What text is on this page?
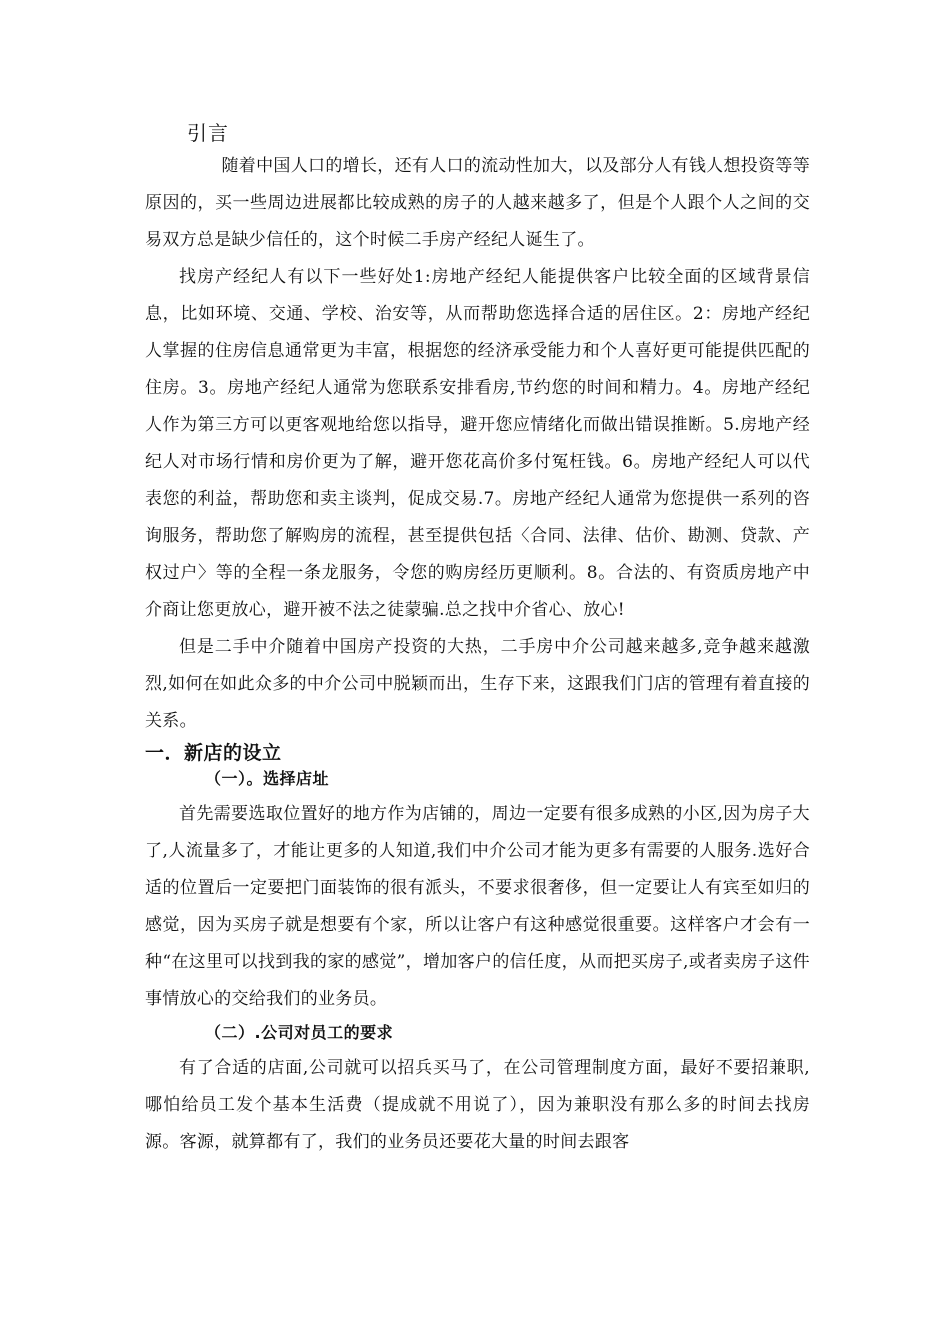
引言

随着中国人口的增长，还有人口的流动性加大，以及部分人有钱人想投资等等原因的，买一些周边进展都比较成熟的房子的人越来越多了，但是个人跟个人之间的交易双方总是缺少信任的，这个时候二手房产经纪人诞生了。

找房产经纪人有以下一些好处1:房地产经纪人能提供客户比较全面的区域背景信息，比如环境、交通、学校、治安等，从而帮助您选择合适的居住区。2：房地产经纪人掌握的住房信息通常更为丰富，根据您的经济承受能力和个人喜好更可能提供匹配的住房。3。房地产经纪人通常为您联系安排看房,节约您的时间和精力。4。房地产经纪人作为第三方可以更客观地给您以指导，避开您应情绪化而做出错误推断。5.房地产经纪人对市场行情和房价更为了解，避开您花高价多付冤枉钱。6。房地产经纪人可以代表您的利益，帮助您和卖主谈判，促成交易.7。房地产经纪人通常为您提供一系列的咨询服务，帮助您了解购房的流程，甚至提供包括〈合同、法律、估价、勘测、贷款、产权过户〉等的全程一条龙服务，令您的购房经历更顺利。8。合法的、有资质房地产中介商让您更放心，避开被不法之徒蒙骗.总之找中介省心、放心!

但是二手中介随着中国房产投资的大热，二手房中介公司越来越多,竞争越来越激烈,如何在如此众多的中介公司中脱颖而出，生存下来，这跟我们门店的管理有着直接的关系。

一．新店的设立
（一）。选择店址

首先需要选取位置好的地方作为店铺的，周边一定要有很多成熟的小区,因为房子大了,人流量多了，才能让更多的人知道,我们中介公司才能为更多有需要的人服务.选好合适的位置后一定要把门面装饰的很有派头，不要求很奢侈，但一定要让人有宾至如归的感觉，因为买房子就是想要有个家，所以让客户有这种感觉很重要。这样客户才会有一种“在这里可以找到我的家的感觉”，增加客户的信任度，从而把买房子,或者卖房子这件事情放心的交给我们的业务员。

（二）.公司对员工的要求

有了合适的店面,公司就可以招兵买马了，在公司管理制度方面，最好不要招兼职,哪怕给员工发个基本生活费（提成就不用说了），因为兼职没有那么多的时间去找房源。客源，就算都有了，我们的业务员还要花大量的时间去跟客
